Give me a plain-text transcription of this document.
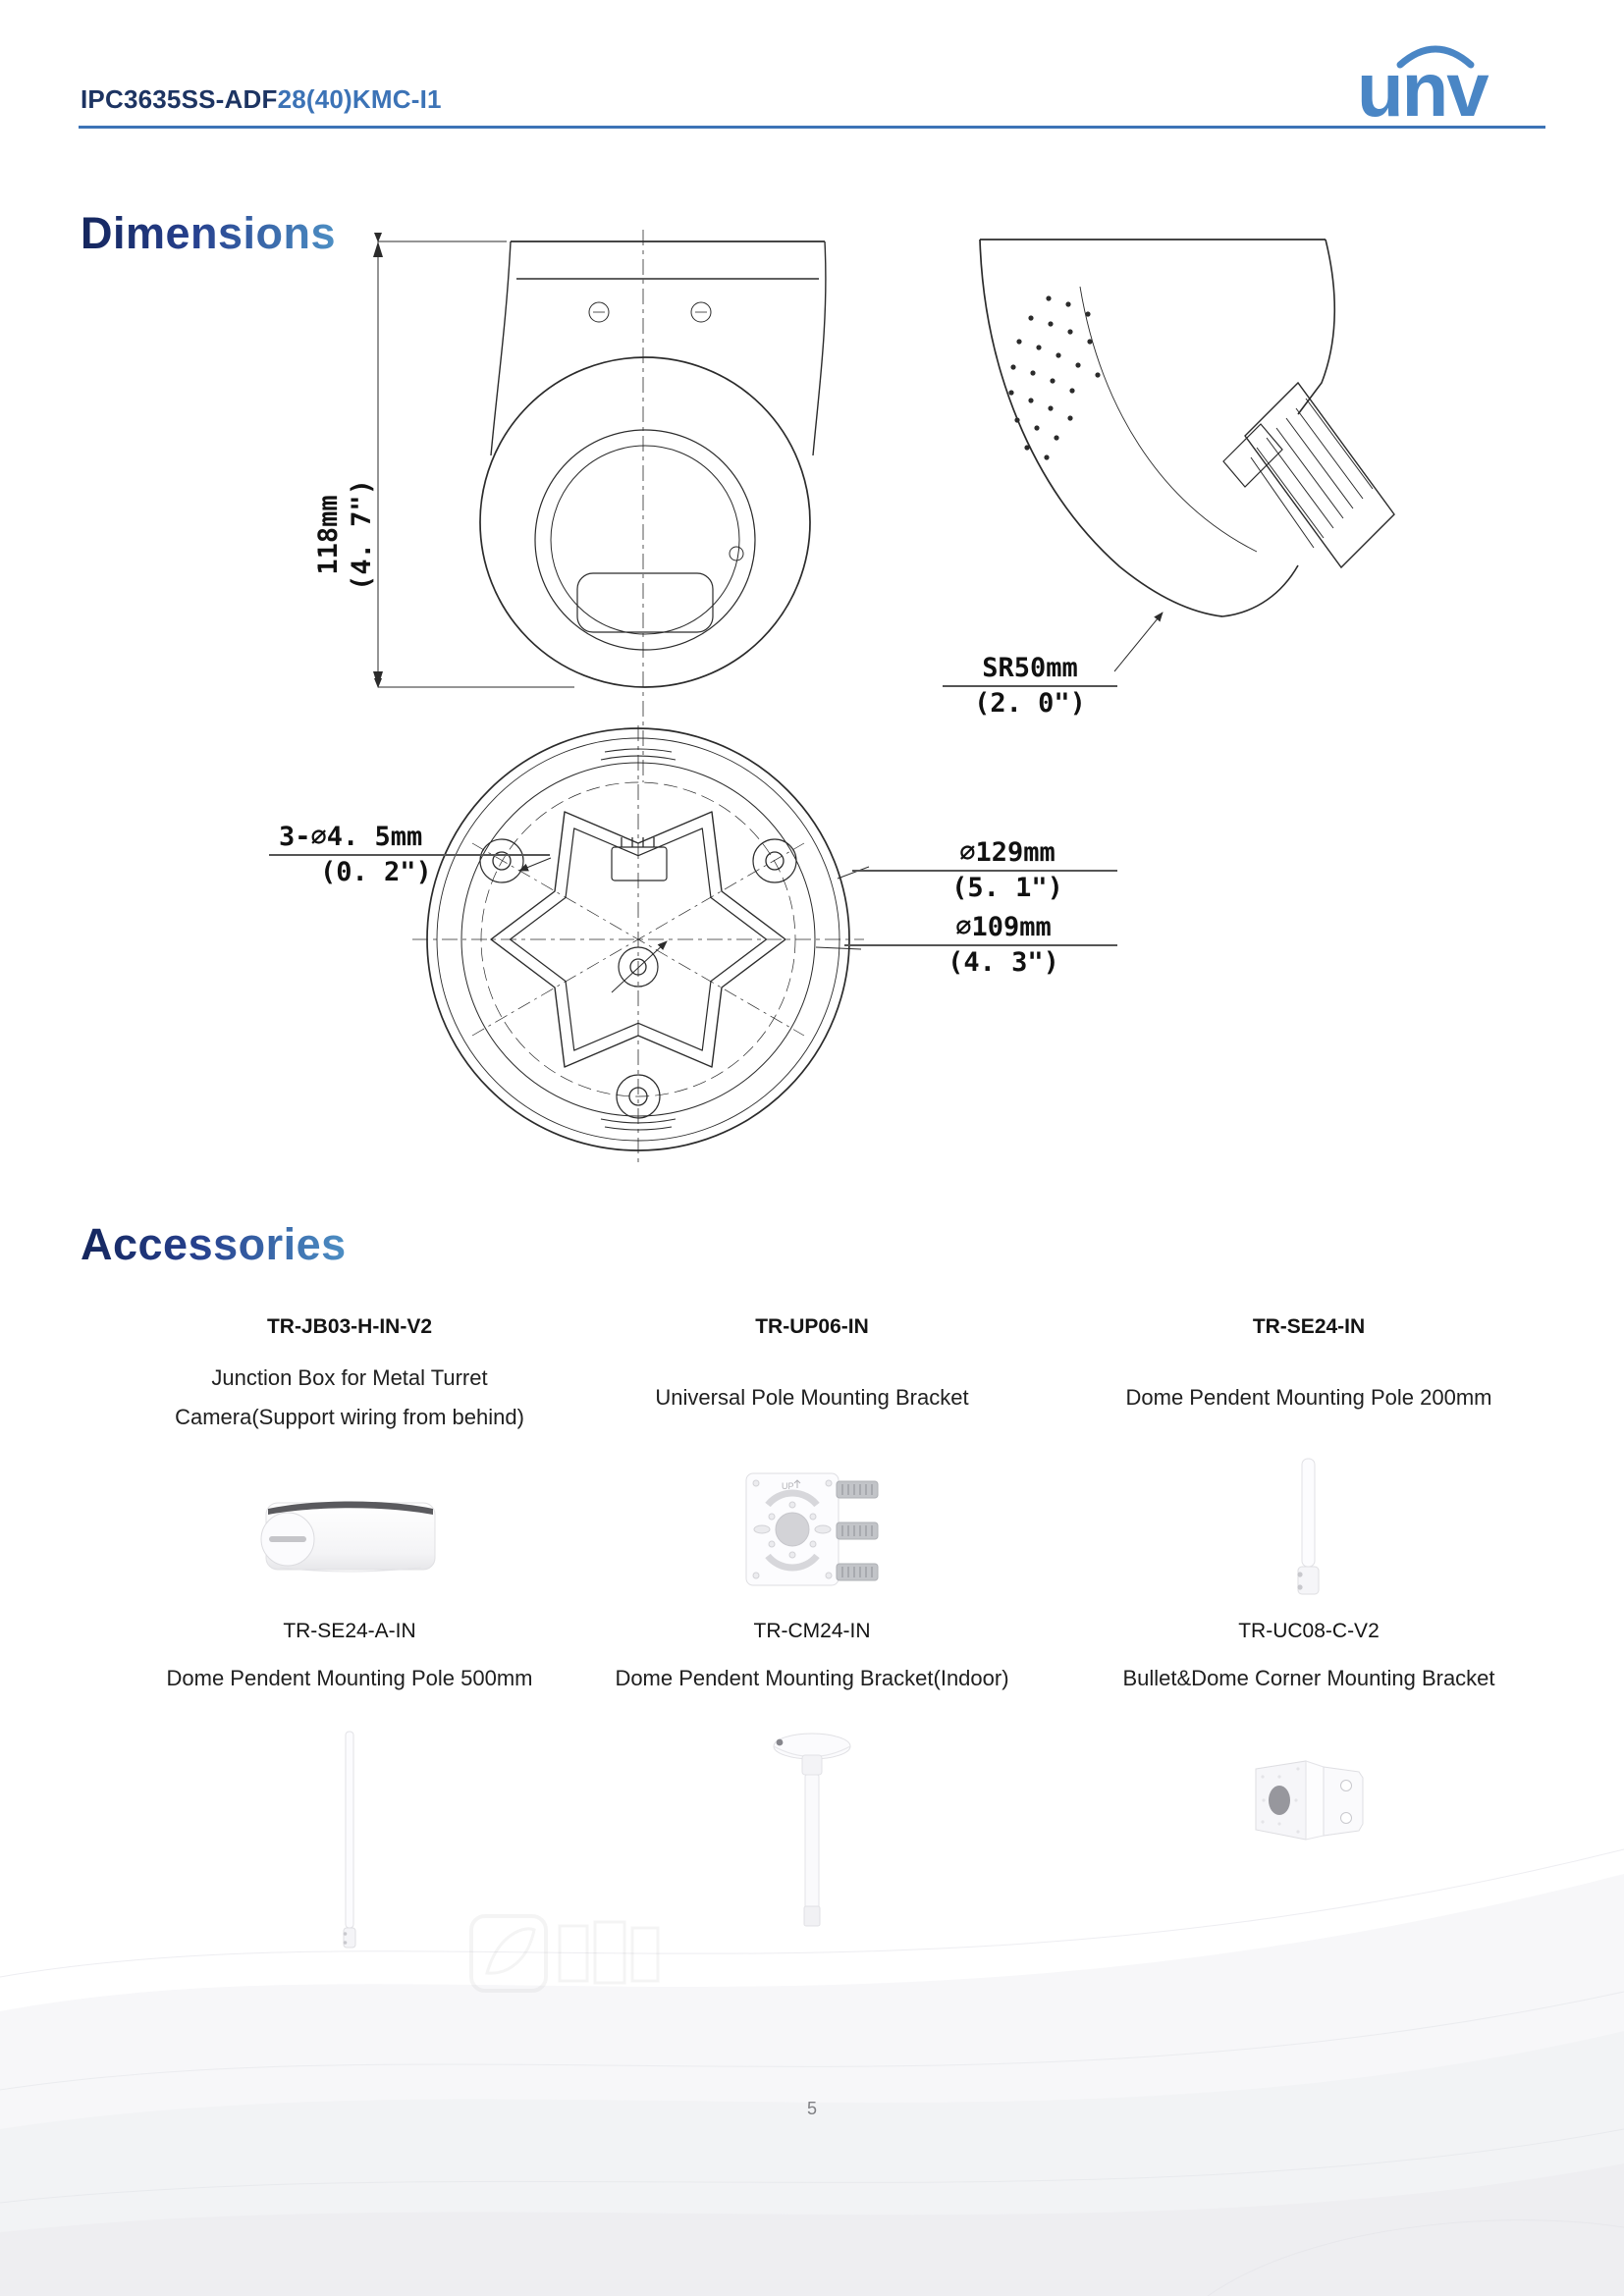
IPC3635SS-ADF28(40)KMC-I1	unv
Dimensions
118mm (4. 7")
SR50mm
(2. 0")
3-⌀4. 5mm
(0. 2")
⌀129mm
(5. 1")
⌀109mm
(4. 3")
Accessories
TR-JB03-H-IN-V2
Junction Box for Metal Turret Camera(Support wiring from behind)
TR-UP06-IN
Universal Pole Mounting Bracket
TR-SE24-IN
Dome Pendent Mounting Pole 200mm
UP
TR-SE24-A-IN
Dome Pendent Mounting Pole 500mm
TR-CM24-IN
Dome Pendent Mounting Bracket(Indoor)
TR-UC08-C-V2
Bullet&Dome Corner Mounting Bracket
5
